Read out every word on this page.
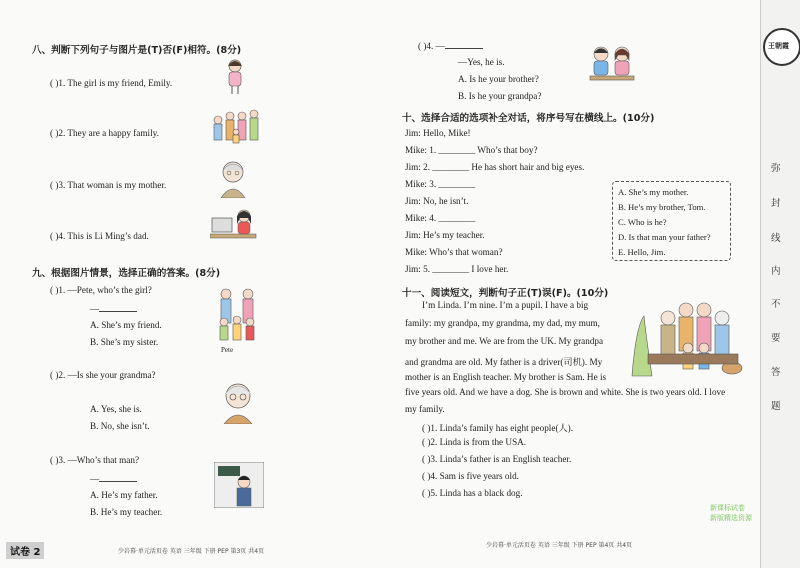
八、判断下列句子与图片是(T)否(F)相符。(8分)
( )1. The girl is my friend, Emily.
( )2. They are a happy family.
( )3. That woman is my mother.
( )4. This is Li Ming’s dad.
九、根据图片情景，选择正确的答案。(8分)
( )1. —Pete, who’s the girl?
—
A. She’s my friend.
B. She’s my sister.
Pete
( )2. —Is she your grandma?
A. Yes, she is.
B. No, she isn’t.
( )3. —Who’s that man?
—
A. He’s my father.
B. He’s my teacher.
( )4. —
—Yes, he is.
A. Is he your brother?
B. Is he your grandpa?
十、选择合适的选项补全对话，将序号写在横线上。(10分)
Jim: Hello, Mike!
Mike: 1. ________ Who’s that boy?
Jim: 2. ________ He has short hair and big eyes.
Mike: 3. ________
Jim: No, he isn’t.
Mike: 4. ________
Jim: He’s my teacher.
Mike: Who’s that woman?
Jim: 5. ________ I love her.
A. She’s my mother.
B. He’s my brother, Tom.
C. Who is he?
D. Is that man your father?
E. Hello, Jim.
十一、阅读短文，判断句子正(T)误(F)。(10分)
I’m Linda. I’m nine. I’m a pupil. I have a big
family: my grandpa, my grandma, my dad, my mum,
my brother and me. We are from the UK. My grandpa
and grandma are old. My father is a driver(司机). My
mother is an English teacher. My brother is Sam. He is
five years old. And we have a dog. She is brown and white. She is two years old. I love
my family.
( )1. Linda’s family has eight people(人).
( )2. Linda is from the USA.
( )3. Linda’s father is an English teacher.
( )4. Sam is five years old.
( )5. Linda has a black dog.
试卷 2	少岩幕·单元活页卷 英语 三年级 下册 PEP 第3页 共4页
少岩幕·单元活页卷 英语 三年级 下册 PEP 第4页 共4页
新课标试卷
新版精选资源
王朝霞
弥
封
线
内
不
要
答
题
